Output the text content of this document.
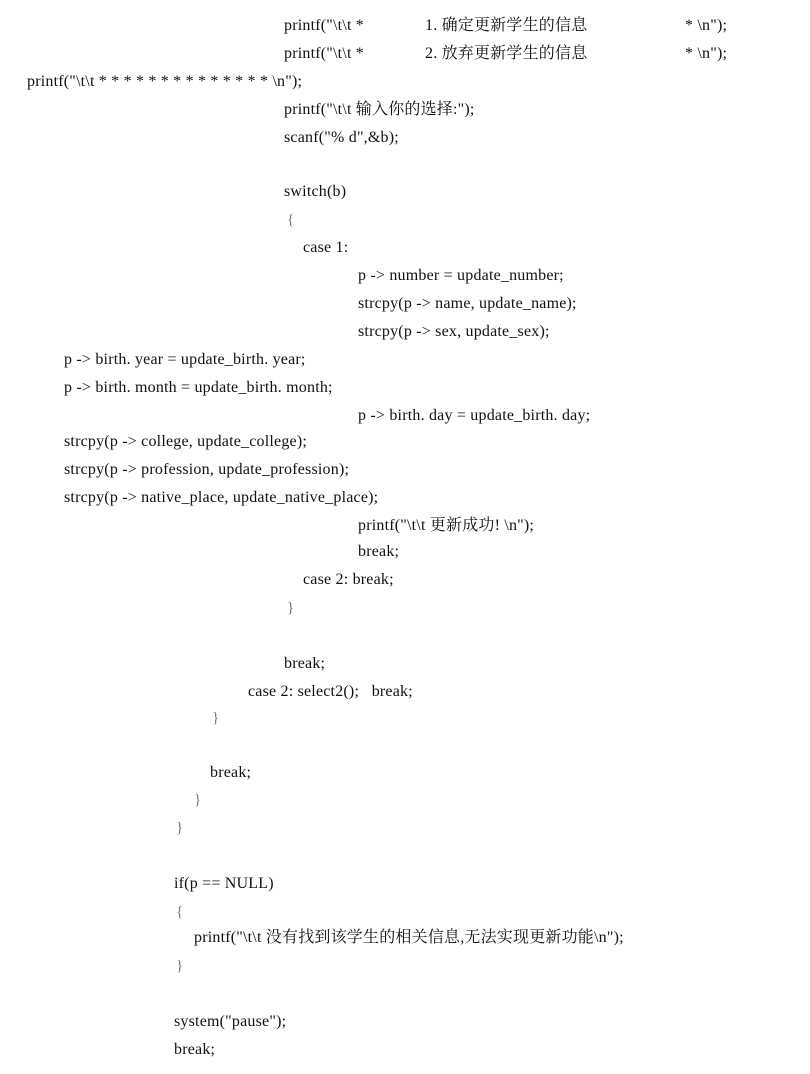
printf("\t\t *	1. 确定更新学生的信息	* \n");
printf("\t\t *	2. 放弃更新学生的信息	* \n");
printf("\t\t * * * * * * * * * * * * * * \n");
printf("\t\t 输入你的选择:");
scanf("% d",&b);
switch(b)
{
case 1:
p -> number = update_number;
strcpy(p -> name, update_name);
strcpy(p -> sex, update_sex);
p -> birth. year = update_birth. year;
p -> birth. month = update_birth. month;
p -> birth. day = update_birth. day;
strcpy(p -> college, update_college);
strcpy(p -> profession, update_profession);
strcpy(p -> native_place, update_native_place);
printf("\t\t 更新成功! \n");
break;
case 2: break;
}
break;
case 2: select2();   break;
}
break;
}
}
if(p == NULL)
{
printf("\t\t 没有找到该学生的相关信息,无法实现更新功能\n");
}
system("pause");
break;
